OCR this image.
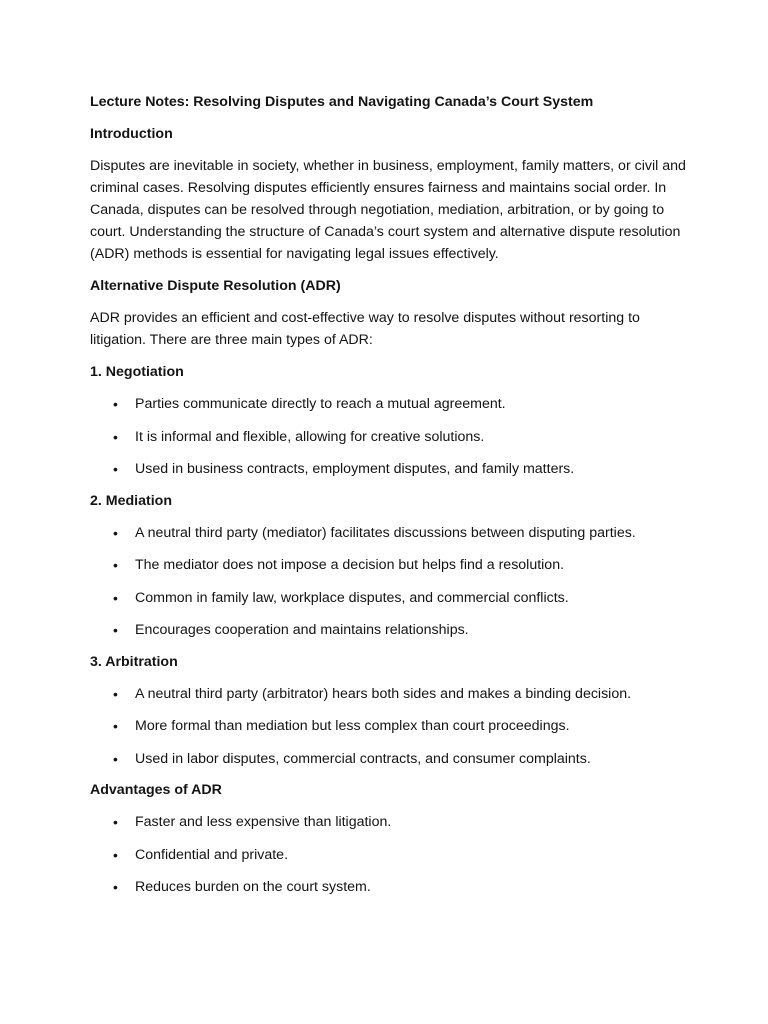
Lecture Notes: Resolving Disputes and Navigating Canada’s Court System
Introduction
Disputes are inevitable in society, whether in business, employment, family matters, or civil and criminal cases. Resolving disputes efficiently ensures fairness and maintains social order. In Canada, disputes can be resolved through negotiation, mediation, arbitration, or by going to court. Understanding the structure of Canada’s court system and alternative dispute resolution (ADR) methods is essential for navigating legal issues effectively.
Alternative Dispute Resolution (ADR)
ADR provides an efficient and cost-effective way to resolve disputes without resorting to litigation. There are three main types of ADR:
1. Negotiation
• Parties communicate directly to reach a mutual agreement.
• It is informal and flexible, allowing for creative solutions.
• Used in business contracts, employment disputes, and family matters.
2. Mediation
• A neutral third party (mediator) facilitates discussions between disputing parties.
• The mediator does not impose a decision but helps find a resolution.
• Common in family law, workplace disputes, and commercial conflicts.
• Encourages cooperation and maintains relationships.
3. Arbitration
• A neutral third party (arbitrator) hears both sides and makes a binding decision.
• More formal than mediation but less complex than court proceedings.
• Used in labor disputes, commercial contracts, and consumer complaints.
Advantages of ADR
• Faster and less expensive than litigation.
• Confidential and private.
• Reduces burden on the court system.
